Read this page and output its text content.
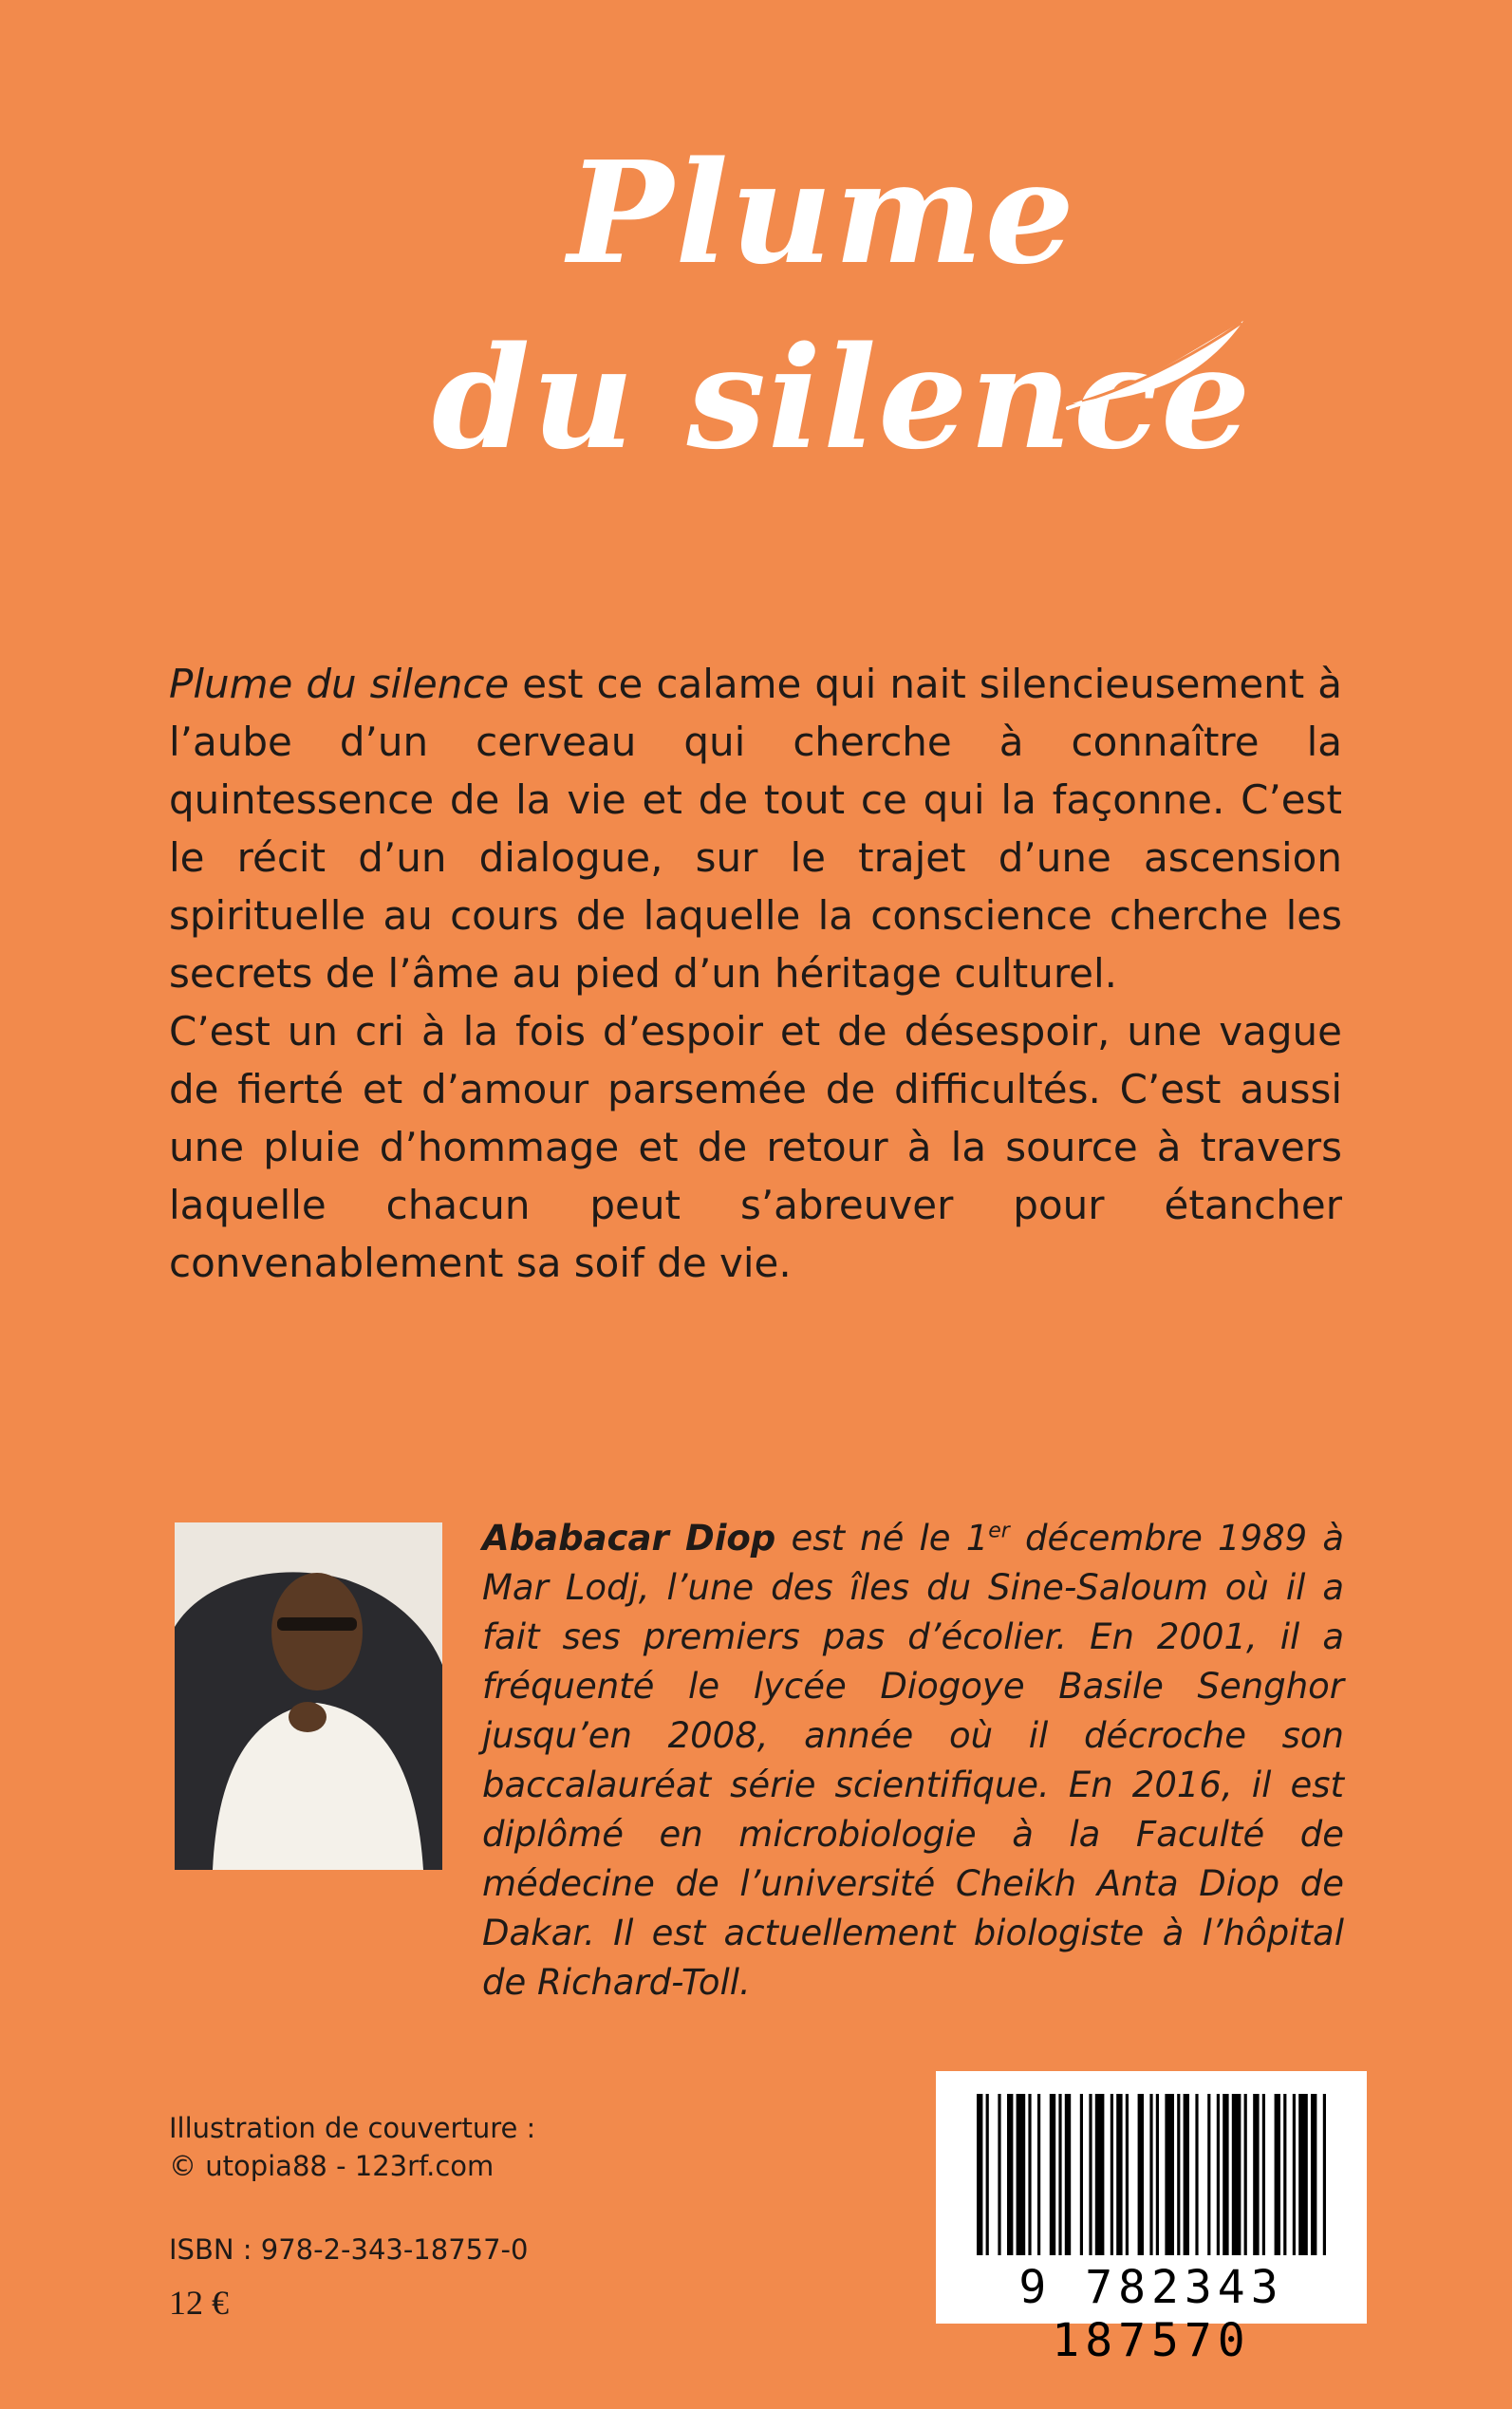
Plume
du silence

Plume du silence est ce calame qui nait silencieusement à l’aube d’un cerveau qui cherche à connaître la quintessence de la vie et de tout ce qui la façonne. C’est le récit d’un dialogue, sur le trajet d’une ascension spirituelle au cours de laquelle la conscience cherche les secrets de l’âme au pied d’un héritage culturel.

C’est un cri à la fois d’espoir et de désespoir, une vague de fierté et d’amour parsemée de difficultés. C’est aussi une pluie d’hommage et de retour à la source à travers laquelle chacun peut s’abreuver pour étancher convenablement sa soif de vie.

Ababacar Diop est né le 1er décembre 1989 à Mar Lodj, l’une des îles du Sine-Saloum où il a fait ses premiers pas d’écolier. En 2001, il a fréquenté le lycée Diogoye Basile Senghor jusqu’en 2008, année où il décroche son baccalauréat série scientifique. En 2016, il est diplômé en microbiologie à la Faculté de médecine de l’université Cheikh Anta Diop de Dakar. Il est actuellement biologiste à l’hôpital de Richard-Toll.

Illustration de couverture :
© utopia88 - 123rf.com
ISBN : 978-2-343-18757-0
12 €	9 782343 187570
